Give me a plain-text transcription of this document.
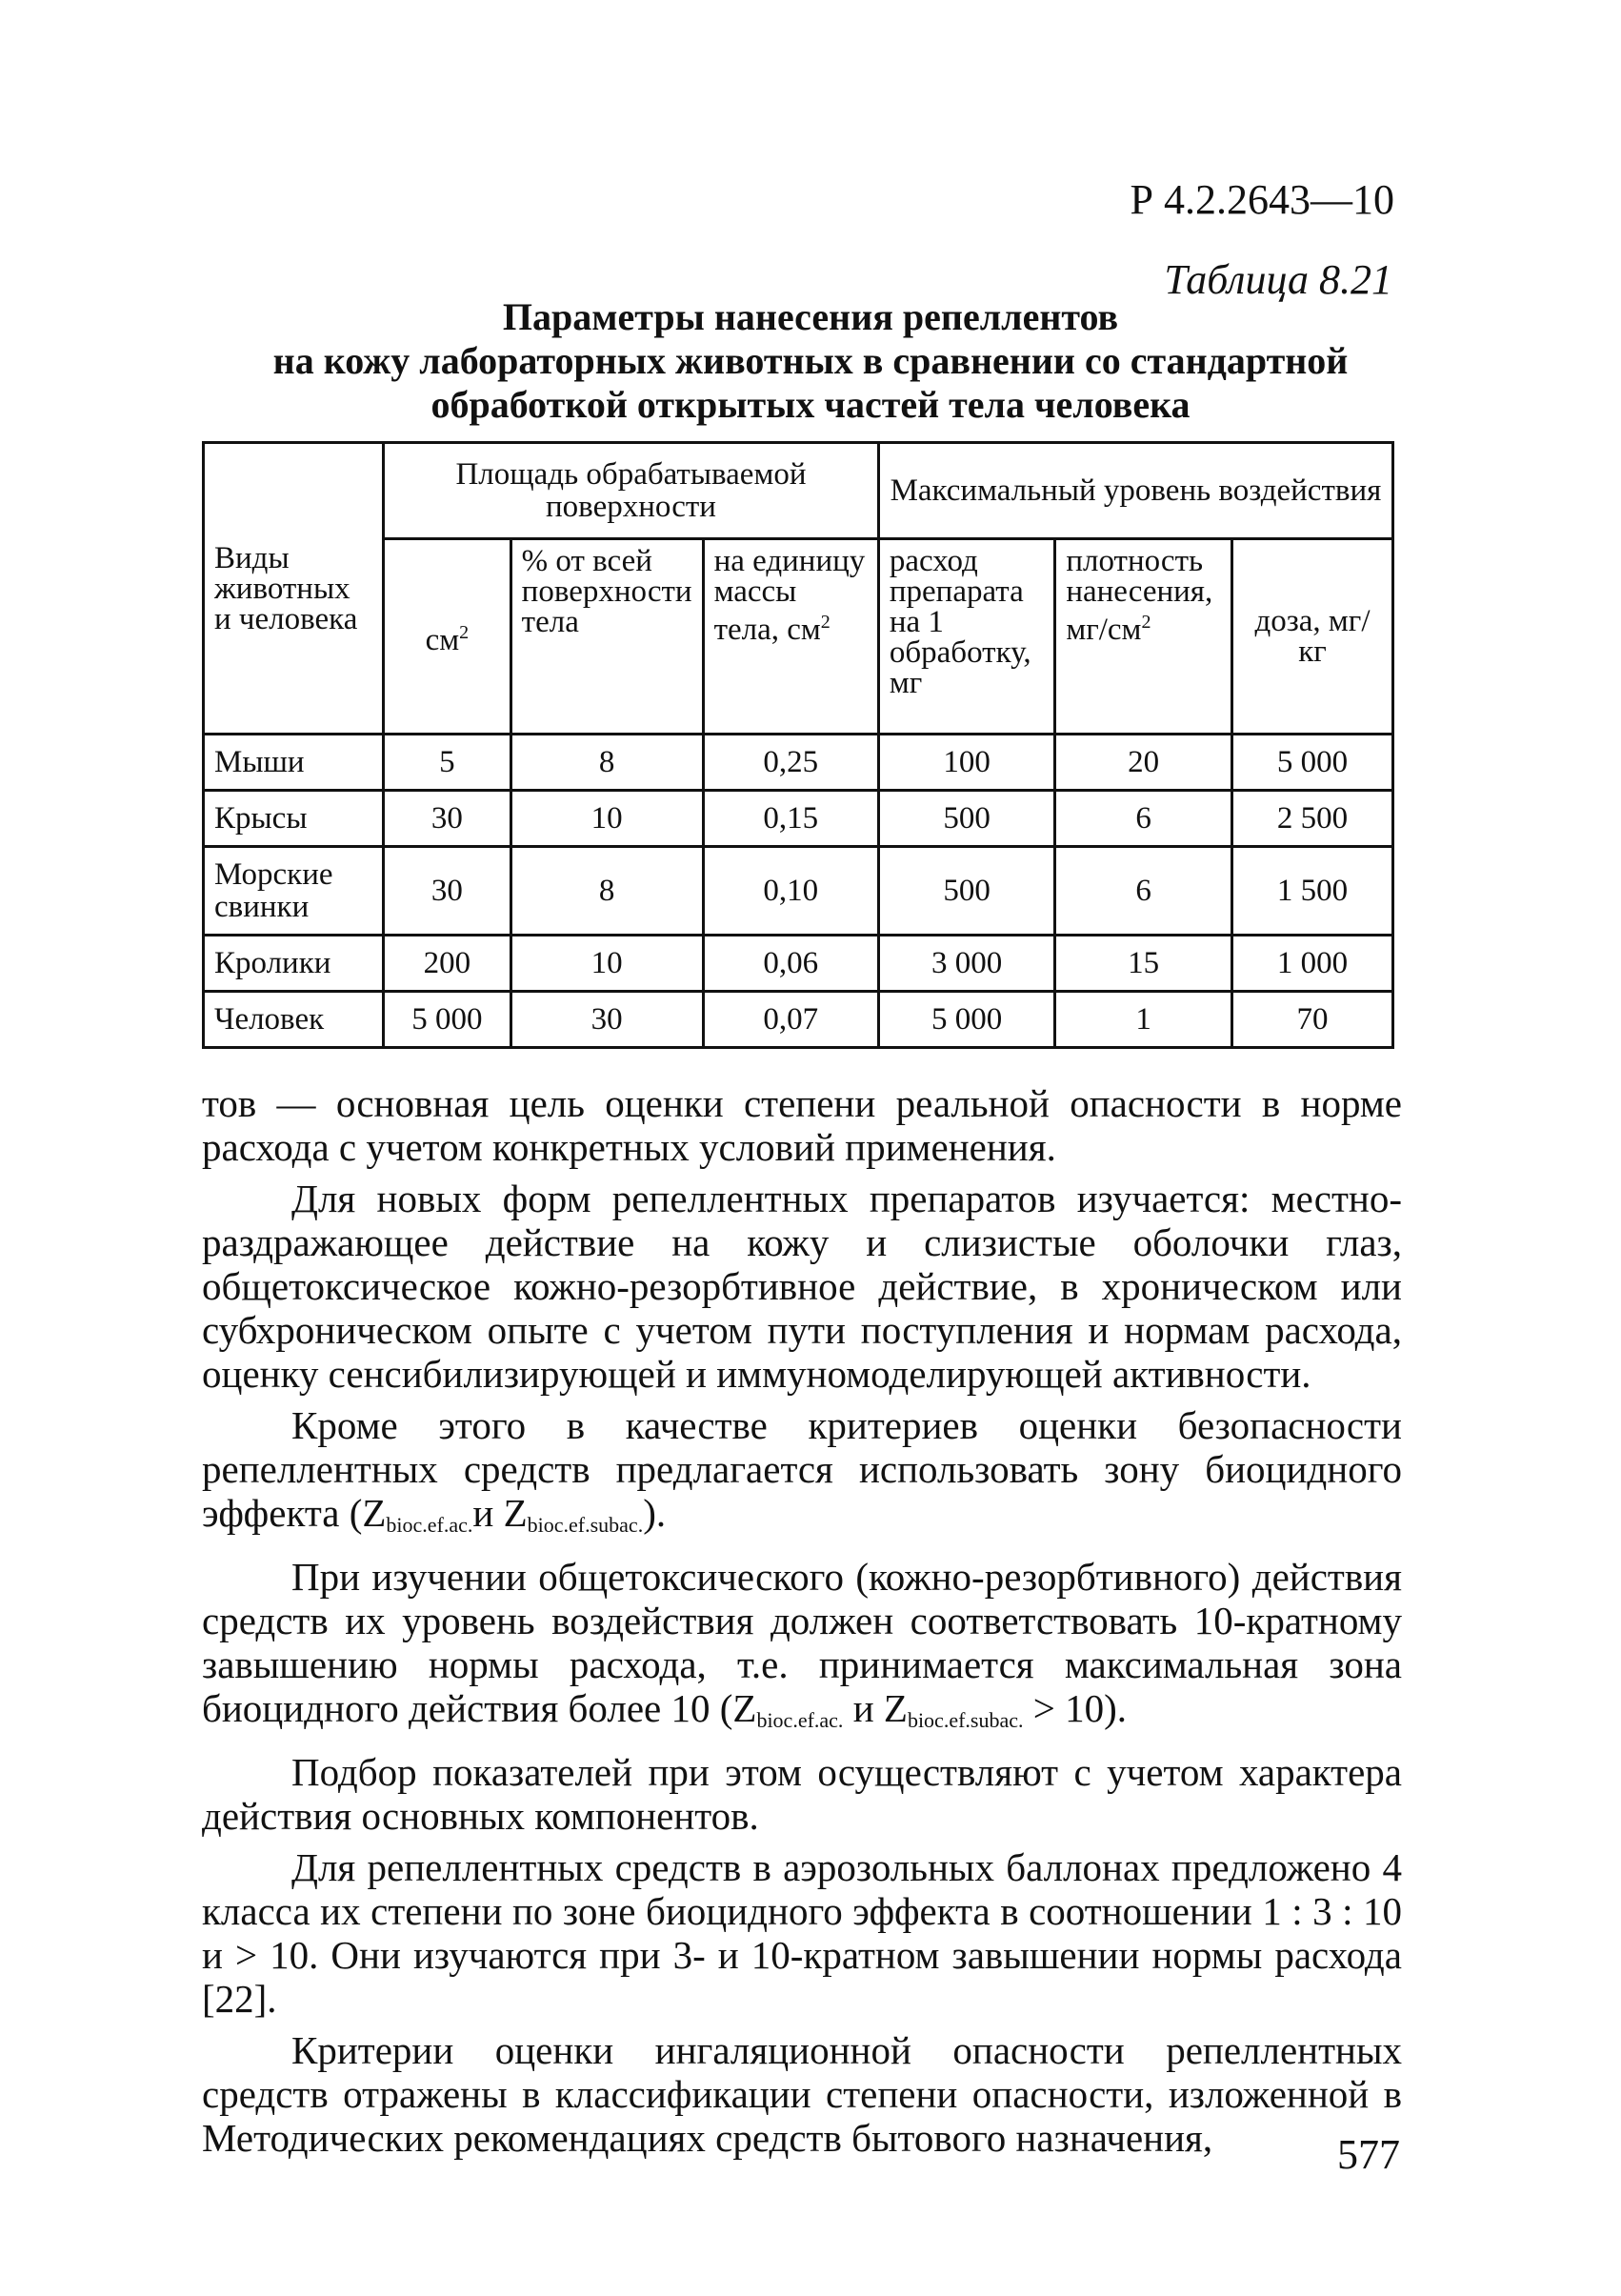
Р 4.2.2643—10
Таблица 8.21
Параметры нанесения репеллентов
на кожу лабораторных животных в сравнении со стандартной
обработкой открытых частей тела человека
Виды животных и человека	Площадь обрабатываемой поверхности			Максимальный уровень воздействия		
	$см^2$	% от всей поверхности тела	на единицу массы тела, $см^2$	расход препарата на 1 обработку, мг	плотность нанесения, $мг/см^2$	доза, мг/кг
Мыши	5	8	0,25	100	20	5 000
Крысы	30	10	0,15	500	6	2 500
Морские свинки	30	8	0,10	500	6	1 500
Кролики	200	10	0,06	3 000	15	1 000
Человек	5 000	30	0,07	5 000	1	70

тов — основная цель оценки степени реальной опасности в норме расхода с учетом конкретных условий применения.

Для новых форм репеллентных препаратов изучается: местно-раздражающее действие на кожу и слизистые оболочки глаз, общетоксическое кожно-резорбтивное действие, в хроническом или субхроническом опыте с учетом пути поступления и нормам расхода, оценку сенсибилизирующей и иммуномоделирующей активности.

Кроме этого в качестве критериев оценки безопасности репеллентных средств предлагается использовать зону биоцидного эффекта ($Z_{bioc.ef.ac.}и$ $Z_{bioc.ef.subac.}$).

При изучении общетоксического (кожно-резорбтивного) действия средств их уровень воздействия должен соответствовать 10-кратному завышению нормы расхода, т.е. принимается максимальная зона биоцидного действия более 10 ($Z_{bioc.ef.ac.}$ и $Z_{bioc.ef.subac.} > 10$).

Подбор показателей при этом осуществляют с учетом характера действия основных компонентов.

Для репеллентных средств в аэрозольных баллонах предложено 4 класса их степени по зоне биоцидного эффекта в соотношении 1 : 3 : 10 и > 10. Они изучаются при 3- и 10-кратном завышении нормы расхода [22].

Критерии оценки ингаляционной опасности репеллентных средств отражены в классификации степени опасности, изложенной в Методических рекомендациях средств бытового назначения,	577
